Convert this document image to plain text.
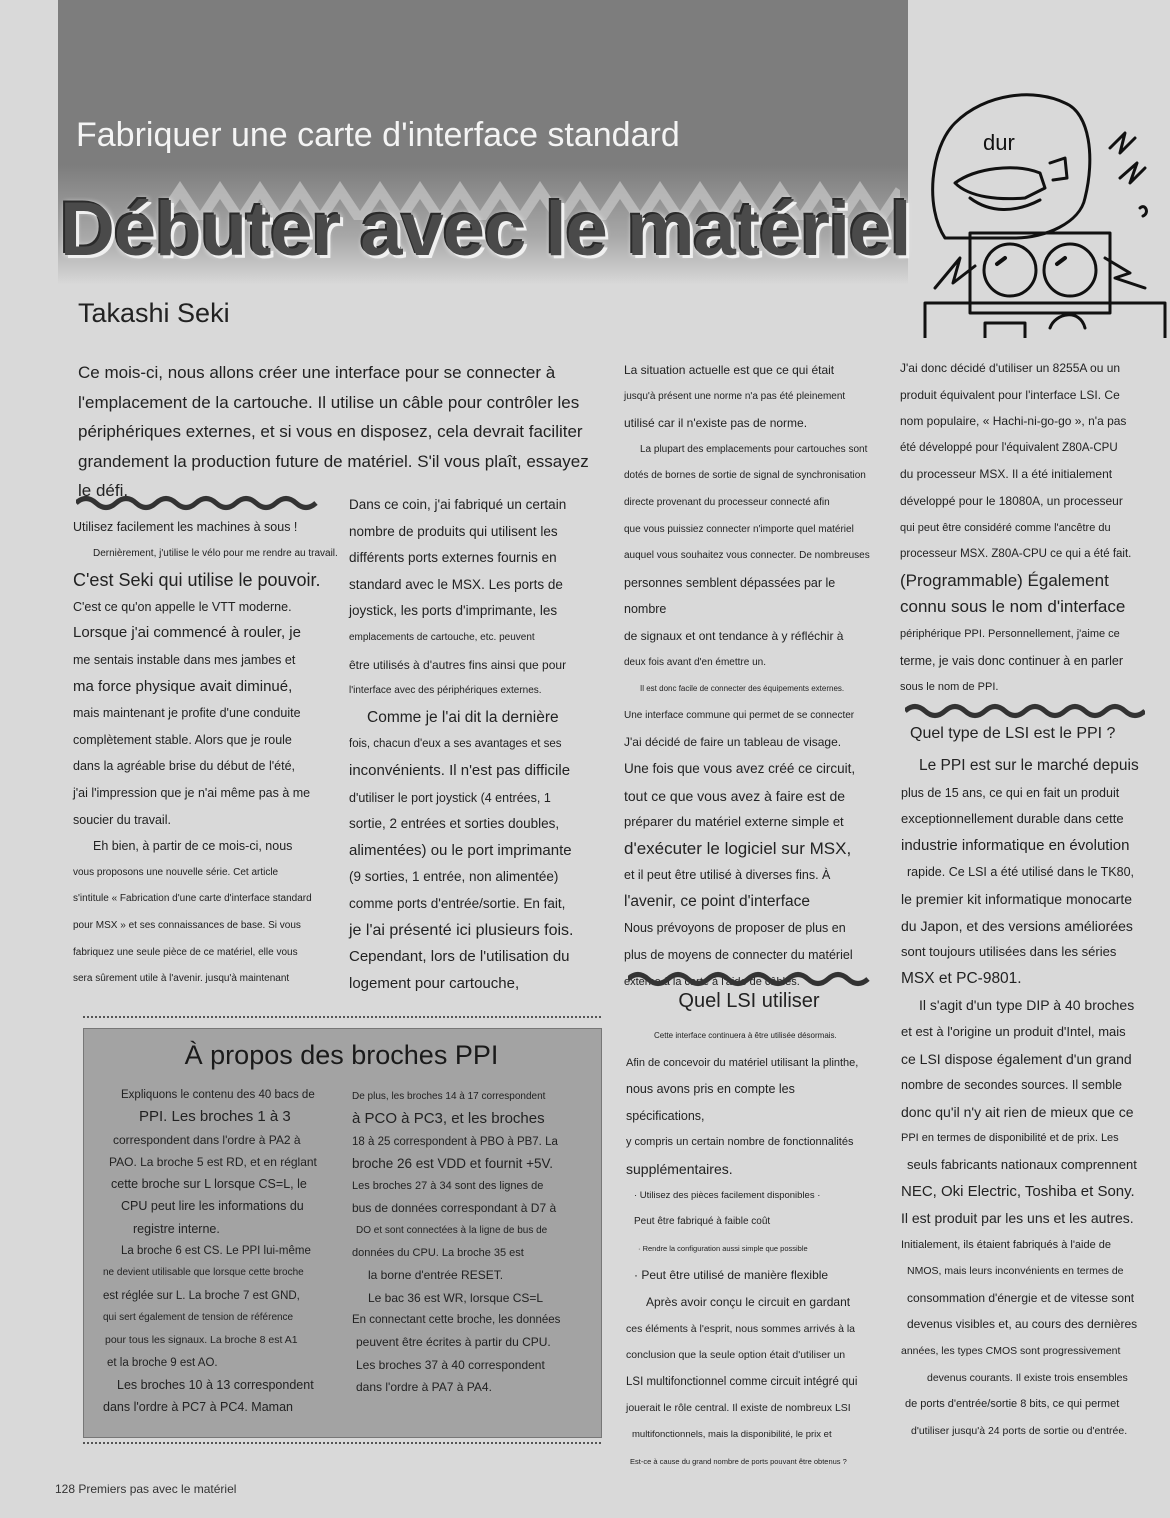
Fabriquer une carte d'interface standard
Débuter avec le matériel
Takashi Seki
dur
Ce mois-ci, nous allons créer une interface pour se connecter à l'emplacement de la cartouche. Il utilise un câble pour contrôler les périphériques externes, et si vous en disposez, cela devrait faciliter grandement la production future de matériel. S'il vous plaît, essayez le défi.

Utilisez facilement les machines à sous !

Dernièrement, j'utilise le vélo pour me rendre au travail.

C'est Seki qui utilise le pouvoir.

C'est ce qu'on appelle le VTT moderne.

Lorsque j'ai commencé à rouler, je

me sentais instable dans mes jambes et

ma force physique avait diminué,

mais maintenant je profite d'une conduite

complètement stable. Alors que je roule

dans la agréable brise du début de l'été,

j'ai l'impression que je n'ai même pas à me

soucier du travail.

Eh bien, à partir de ce mois-ci, nous

vous proposons une nouvelle série. Cet article

s'intitule « Fabrication d'une carte d'interface standard

pour MSX » et ses connaissances de base. Si vous

fabriquez une seule pièce de ce matériel, elle vous

sera sûrement utile à l'avenir. jusqu'à maintenant

Dans ce coin, j'ai fabriqué un certain

nombre de produits qui utilisent les

différents ports externes fournis en

standard avec le MSX. Les ports de

joystick, les ports d'imprimante, les

emplacements de cartouche, etc. peuvent

être utilisés à d'autres fins ainsi que pour

l'interface avec des périphériques externes.

Comme je l'ai dit la dernière

fois, chacun d'eux a ses avantages et ses

inconvénients. Il n'est pas difficile

d'utiliser le port joystick (4 entrées, 1

sortie, 2 entrées et sorties doubles,

alimentées) ou le port imprimante

(9 sorties, 1 entrée, non alimentée)

comme ports d'entrée/sortie. En fait,

je l'ai présenté ici plusieurs fois.

Cependant, lors de l'utilisation du

logement pour cartouche,

La situation actuelle est que ce qui était

jusqu'à présent une norme n'a pas été pleinement

utilisé car il n'existe pas de norme.

La plupart des emplacements pour cartouches sont

dotés de bornes de sortie de signal de synchronisation

directe provenant du processeur connecté afin

que vous puissiez connecter n'importe quel matériel

auquel vous souhaitez vous connecter. De nombreuses

personnes semblent dépassées par le nombre

de signaux et ont tendance à y réfléchir à

deux fois avant d'en émettre un.

Il est donc facile de connecter des équipements externes.

Une interface commune qui permet de se connecter

J'ai décidé de faire un tableau de visage.

Une fois que vous avez créé ce circuit,

tout ce que vous avez à faire est de

préparer du matériel externe simple et

d'exécuter le logiciel sur MSX,

et il peut être utilisé à diverses fins. À

l'avenir, ce point d'interface

Nous prévoyons de proposer de plus en

plus de moyens de connecter du matériel

externe à la carte à l'aide de câbles.

Quel LSI utiliser

Cette interface continuera à être utilisée désormais.

Afin de concevoir du matériel utilisant la plinthe,

nous avons pris en compte les spécifications,

y compris un certain nombre de fonctionnalités

supplémentaires.

· Utilisez des pièces facilement disponibles ·

Peut être fabriqué à faible coût

· Rendre la configuration aussi simple que possible

· Peut être utilisé de manière flexible

Après avoir conçu le circuit en gardant

ces éléments à l'esprit, nous sommes arrivés à la

conclusion que la seule option était d'utiliser un

LSI multifonctionnel comme circuit intégré qui

jouerait le rôle central. Il existe de nombreux LSI

multifonctionnels, mais la disponibilité, le prix et

Est-ce à cause du grand nombre de ports pouvant être obtenus ?

J'ai donc décidé d'utiliser un 8255A ou un

produit équivalent pour l'interface LSI. Ce

nom populaire, « Hachi-ni-go-go », n'a pas

été développé pour l'équivalent Z80A-CPU

du processeur MSX. Il a été initialement

développé pour le 18080A, un processeur

qui peut être considéré comme l'ancêtre du

processeur MSX. Z80A-CPU ce qui a été fait.

(Programmable) Également

connu sous le nom d'interface

périphérique PPI. Personnellement, j'aime ce

terme, je vais donc continuer à en parler

sous le nom de PPI.

Quel type de LSI est le PPI ?

Le PPI est sur le marché depuis

plus de 15 ans, ce qui en fait un produit

exceptionnellement durable dans cette

industrie informatique en évolution

rapide. Ce LSI a été utilisé dans le TK80,

le premier kit informatique monocarte

du Japon, et des versions améliorées

sont toujours utilisées dans les séries

MSX et PC-9801.

Il s'agit d'un type DIP à 40 broches

et est à l'origine un produit d'Intel, mais

ce LSI dispose également d'un grand

nombre de secondes sources. Il semble

donc qu'il n'y ait rien de mieux que ce

PPI en termes de disponibilité et de prix. Les

seuls fabricants nationaux comprennent

NEC, Oki Electric, Toshiba et Sony.

Il est produit par les uns et les autres.

Initialement, ils étaient fabriqués à l'aide de

NMOS, mais leurs inconvénients en termes de

consommation d'énergie et de vitesse sont

devenus visibles et, au cours des dernières

années, les types CMOS sont progressivement

devenus courants. Il existe trois ensembles

de ports d'entrée/sortie 8 bits, ce qui permet

d'utiliser jusqu'à 24 ports de sortie ou d'entrée.

À propos des broches PPI

Expliquons le contenu des 40 bacs de

PPI. Les broches 1 à 3

correspondent dans l'ordre à PA2 à

PAO. La broche 5 est RD, et en réglant

cette broche sur L lorsque CS=L, le

CPU peut lire les informations du

registre interne.

La broche 6 est CS. Le PPI lui-même

ne devient utilisable que lorsque cette broche

est réglée sur L. La broche 7 est GND,

qui sert également de tension de référence

pour tous les signaux. La broche 8 est A1

et la broche 9 est AO.

Les broches 10 à 13 correspondent

dans l'ordre à PC7 à PC4. Maman

De plus, les broches 14 à 17 correspondent

à PCO à PC3, et les broches

18 à 25 correspondent à PBO à PB7. La

broche 26 est VDD et fournit +5V.

Les broches 27 à 34 sont des lignes de

bus de données correspondant à D7 à

DO et sont connectées à la ligne de bus de

données du CPU. La broche 35 est

la borne d'entrée RESET.

Le bac 36 est WR, lorsque CS=L

En connectant cette broche, les données

peuvent être écrites à partir du CPU.

Les broches 37 à 40 correspondent

dans l'ordre à PA7 à PA4.

128 Premiers pas avec le matériel
